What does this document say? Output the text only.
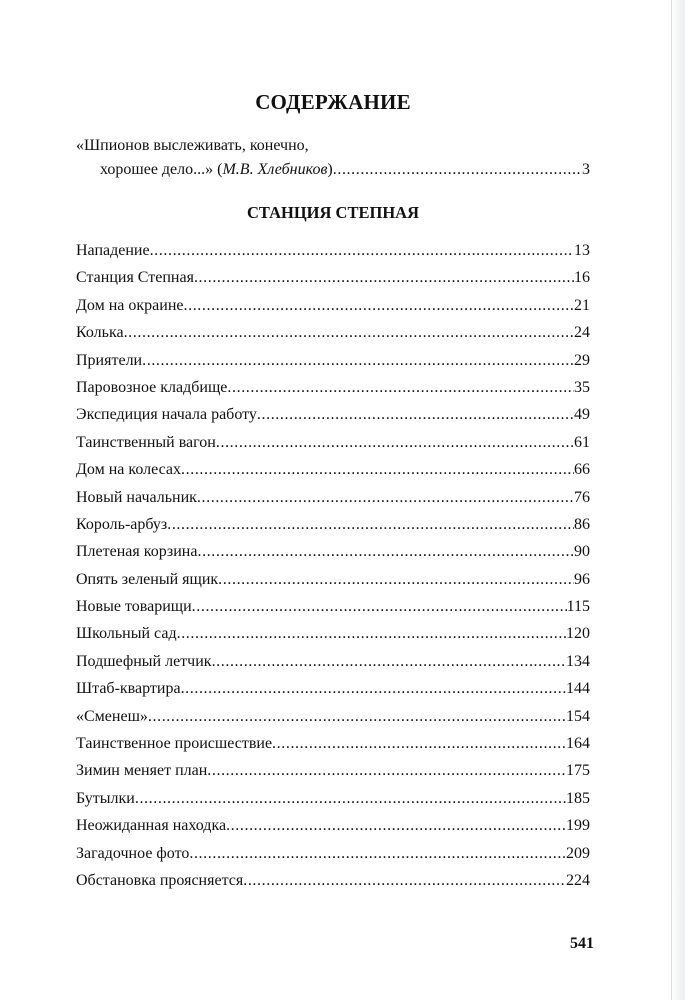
СОДЕРЖАНИЕ
«Шпионов выслеживать, конечно,
хорошее дело...» ( М.В. Хлебников ) .....	3
СТАНЦИЯ СТЕПНАЯ
Нападение .....	13
Станция Степная .....	16
Дом на окраине .....	21
Колька .....	24
Приятели .....	29
Паровозное кладбище .....	35
Экспедиция начала работу .....	49
Таинственный вагон .....	61
Дом на колесах .....	66
Новый начальник .....	76
Король-арбуз .....	86
Плетеная корзина .....	90
Опять зеленый ящик .....	96
Новые товарищи .....	115
Школьный сад .....	120
Подшефный летчик .....	134
Штаб-квартира .....	144
«Сменеш» .....	154
Таинственное происшествие .....	164
Зимин меняет план .....	175
Бутылки .....	185
Неожиданная находка .....	199
Загадочное фото .....	209
Обстановка проясняется .....	224
541
